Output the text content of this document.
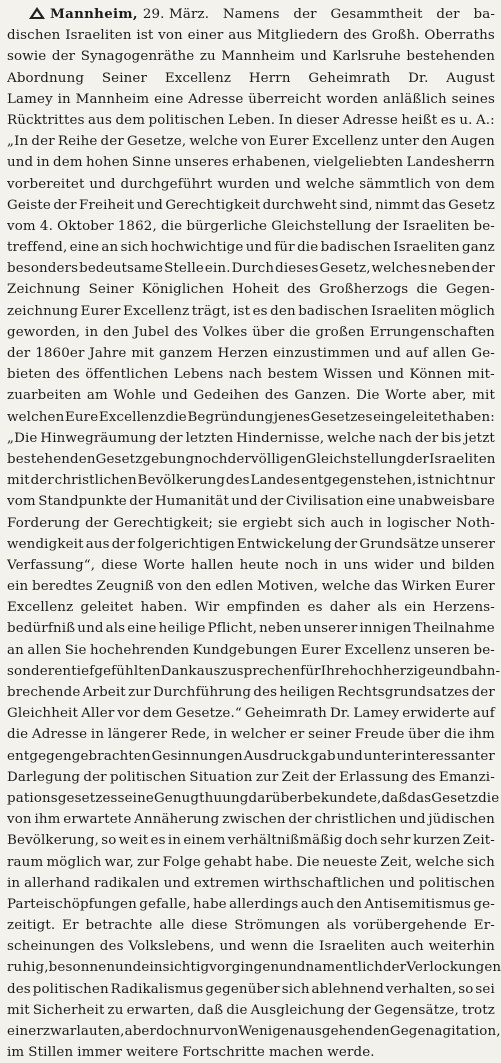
Mannheim, 29. März. Namens der Gesammtheit der ba-
dischen Israeliten ist von einer aus Mitgliedern des Großh. Oberraths
sowie der Synagogenräthe zu Mannheim und Karlsruhe bestehenden
Abordnung Seiner Excellenz Herrn Geheimrath Dr. August
Lamey in Mannheim eine Adresse überreicht worden anläßlich seines
Rücktrittes aus dem politischen Leben. In dieser Adresse heißt es u. A.:
„In der Reihe der Gesetze, welche von Eurer Excellenz unter den Augen
und in dem hohen Sinne unseres erhabenen, vielgeliebten Landesherrn
vorbereitet und durchgeführt wurden und welche sämmtlich von dem
Geiste der Freiheit und Gerechtigkeit durchweht sind, nimmt das Gesetz
vom 4. Oktober 1862, die bürgerliche Gleichstellung der Israeliten be-
treffend, eine an sich hochwichtige und für die badischen Israeliten ganz
besonders bedeutsame Stelle ein. Durch dieses Gesetz, welches neben der
Zeichnung Seiner Königlichen Hoheit des Großherzogs die Gegen-
zeichnung Eurer Excellenz trägt, ist es den badischen Israeliten möglich
geworden, in den Jubel des Volkes über die großen Errungenschaften
der 1860er Jahre mit ganzem Herzen einzustimmen und auf allen Ge-
bieten des öffentlichen Lebens nach bestem Wissen und Können mit-
zuarbeiten am Wohle und Gedeihen des Ganzen. Die Worte aber, mit
welchen Eure Excellenz die Begründung jenes Gesetzes eingeleitet haben:
„Die Hinwegräumung der letzten Hindernisse, welche nach der bis jetzt
bestehenden Gesetzgebung noch der völligen Gleichstellung der Israeliten
mit der christlichen Bevölkerung des Landes entgegenstehen, ist nicht nur
vom Standpunkte der Humanität und der Civilisation eine unabweisbare
Forderung der Gerechtigkeit; sie ergiebt sich auch in logischer Noth-
wendigkeit aus der folgerichtigen Entwickelung der Grundsätze unserer
Verfassung“, diese Worte hallen heute noch in uns wider und bilden
ein beredtes Zeugniß von den edlen Motiven, welche das Wirken Eurer
Excellenz geleitet haben. Wir empfinden es daher als ein Herzens-
bedürfniß und als eine heilige Pflicht, neben unserer innigen Theilnahme
an allen Sie hochehrenden Kundgebungen Eurer Excellenz unseren be-
sonderen tiefgefühlten Dank auszusprechen für Ihre hochherzige und bahn-
brechende Arbeit zur Durchführung des heiligen Rechtsgrundsatzes der
Gleichheit Aller vor dem Gesetze.“ Geheimrath Dr. Lamey erwiderte auf
die Adresse in längerer Rede, in welcher er seiner Freude über die ihm
entgegengebrachten Gesinnungen Ausdruck gab und unter interessanter
Darlegung der politischen Situation zur Zeit der Erlassung des Emanzi-
pationsgesetzes seine Genugthuung darüber bekundete, daß das Gesetz die
von ihm erwartete Annäherung zwischen der christlichen und jüdischen
Bevölkerung, so weit es in einem verhältnißmäßig doch sehr kurzen Zeit-
raum möglich war, zur Folge gehabt habe. Die neueste Zeit, welche sich
in allerhand radikalen und extremen wirthschaftlichen und politischen
Parteischöpfungen gefalle, habe allerdings auch den Antisemitismus ge-
zeitigt. Er betrachte alle diese Strömungen als vorübergehende Er-
scheinungen des Volkslebens, und wenn die Israeliten auch weiterhin
ruhig, besonnen und einsichtig vorgingen und namentlich der Verlockungen
des politischen Radikalismus gegenüber sich ablehnend verhalten, so sei
mit Sicherheit zu erwarten, daß die Ausgleichung der Gegensätze, trotz
einer zwar lauten, aber doch nur von Wenigen ausgehenden Gegenagitation,
im Stillen immer weitere Fortschritte machen werde.
